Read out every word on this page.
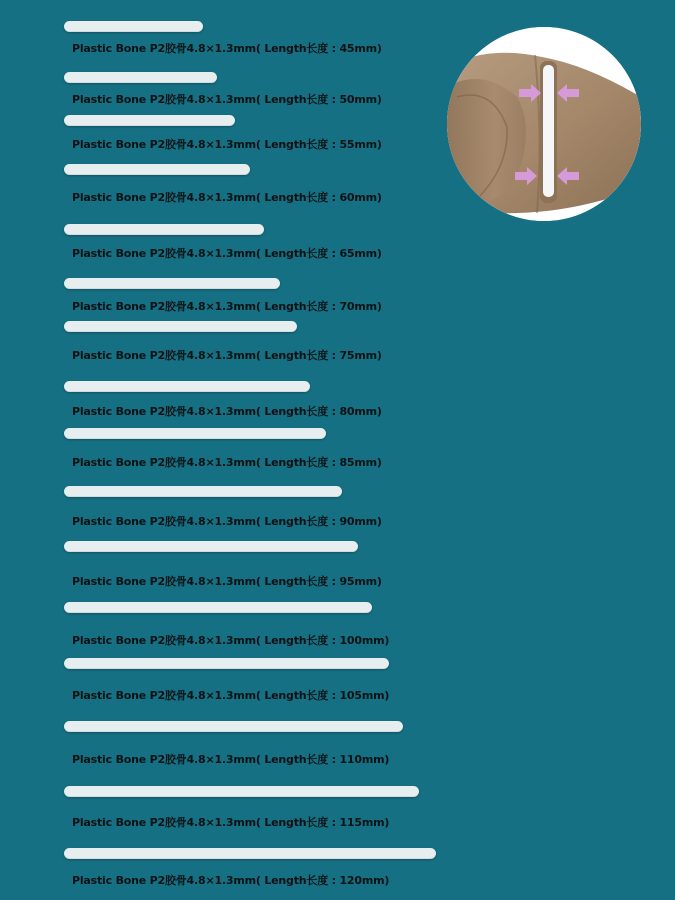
Plastic Bone P2胶骨4.8×1.3mm( Length长度 : 45mm)
Plastic Bone P2胶骨4.8×1.3mm( Length长度 : 50mm)
Plastic Bone P2胶骨4.8×1.3mm( Length长度 : 55mm)
Plastic Bone P2胶骨4.8×1.3mm( Length长度 : 60mm)
Plastic Bone P2胶骨4.8×1.3mm( Length长度 : 65mm)
Plastic Bone P2胶骨4.8×1.3mm( Length长度 : 70mm)
Plastic Bone P2胶骨4.8×1.3mm( Length长度 : 75mm)
Plastic Bone P2胶骨4.8×1.3mm( Length长度 : 80mm)
Plastic Bone P2胶骨4.8×1.3mm( Length长度 : 85mm)
Plastic Bone P2胶骨4.8×1.3mm( Length长度 : 90mm)
Plastic Bone P2胶骨4.8×1.3mm( Length长度 : 95mm)
Plastic Bone P2胶骨4.8×1.3mm( Length长度 : 100mm)
Plastic Bone P2胶骨4.8×1.3mm( Length长度 : 105mm)
Plastic Bone P2胶骨4.8×1.3mm( Length长度 : 110mm)
Plastic Bone P2胶骨4.8×1.3mm( Length长度 : 115mm)
Plastic Bone P2胶骨4.8×1.3mm( Length长度 : 120mm)
